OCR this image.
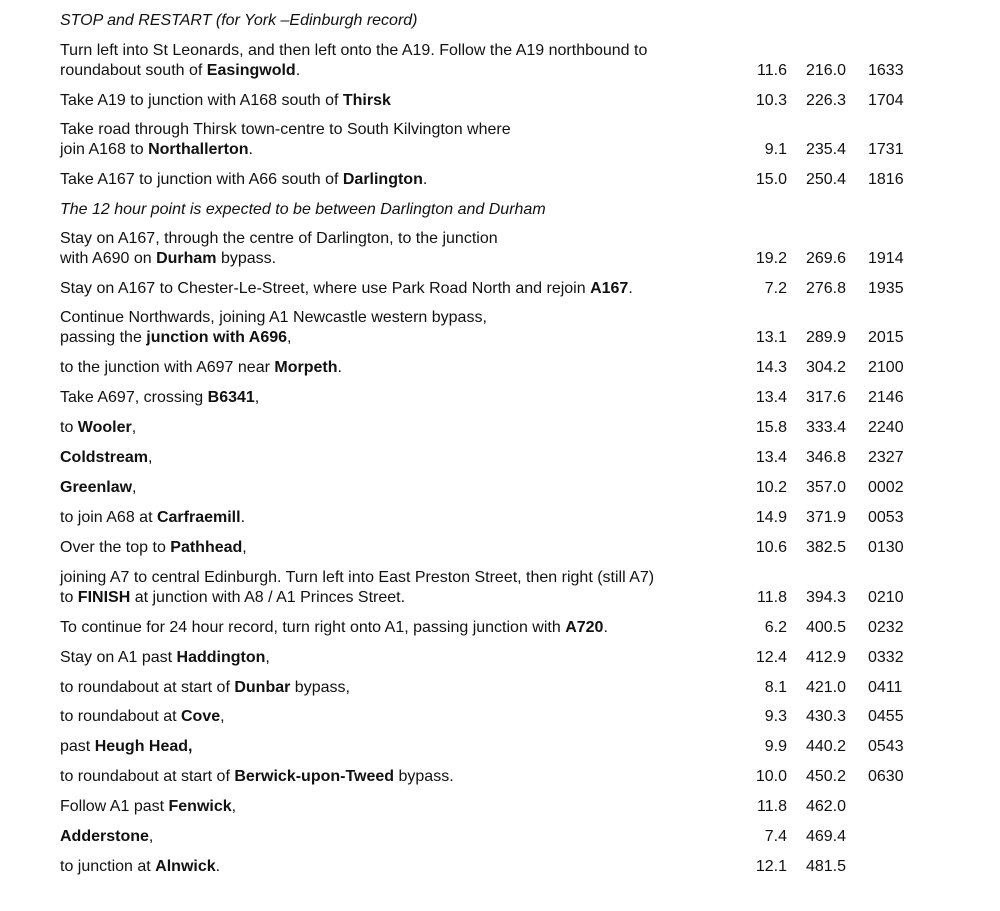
STOP and RESTART (for York –Edinburgh record)
The 12 hour point is expected to be between Darlington and Durham
Turn left into St Leonards, and then left onto the A19. Follow the A19 northbound to
roundabout south of Easingwold.	11.6	216.0 1633
Take A19 to junction with A168 south of Thirsk	10.3	226.3 1704
Take road through Thirsk town-centre to South Kilvington where
join A168 to Northallerton.	9.1	235.4 1731
Take A167 to junction with A66 south of Darlington.	15.0	250.4 1816
Stay on A167, through the centre of Darlington, to the junction
with A690 on Durham bypass.	19.2	269.6 1914
Stay on A167 to Chester-Le-Street, where use Park Road North and rejoin A167.	7.2	276.8 1935
Continue Northwards, joining A1 Newcastle western bypass,
passing the junction with A696,	13.1	289.9 2015
to the junction with A697 near Morpeth.	14.3	304.2 2100
Take A697, crossing B6341,	13.4	317.6 2146
to Wooler,	15.8	333.4 2240
Coldstream,	13.4	346.8 2327
Greenlaw,	10.2	357.0 0002
to join A68 at Carfraemill.	14.9	371.9 0053
Over the top to Pathhead,	10.6	382.5 0130
joining A7 to central Edinburgh. Turn left into East Preston Street, then right (still A7)
to FINISH at junction with A8 / A1 Princes Street.	11.8	394.3 0210
To continue for 24 hour record, turn right onto A1, passing junction with A720.	6.2	400.5 0232
Stay on A1 past Haddington,	12.4	412.9 0332
to roundabout at start of Dunbar bypass,	8.1	421.0 0411
to roundabout at Cove,	9.3	430.3 0455
past Heugh Head,	9.9	440.2 0543
to roundabout at start of Berwick-upon-Tweed bypass.	10.0	450.2 0630
Follow A1 past Fenwick,	11.8	462.0
Adderstone,	7.4	469.4
to junction at Alnwick.	12.1	481.5
